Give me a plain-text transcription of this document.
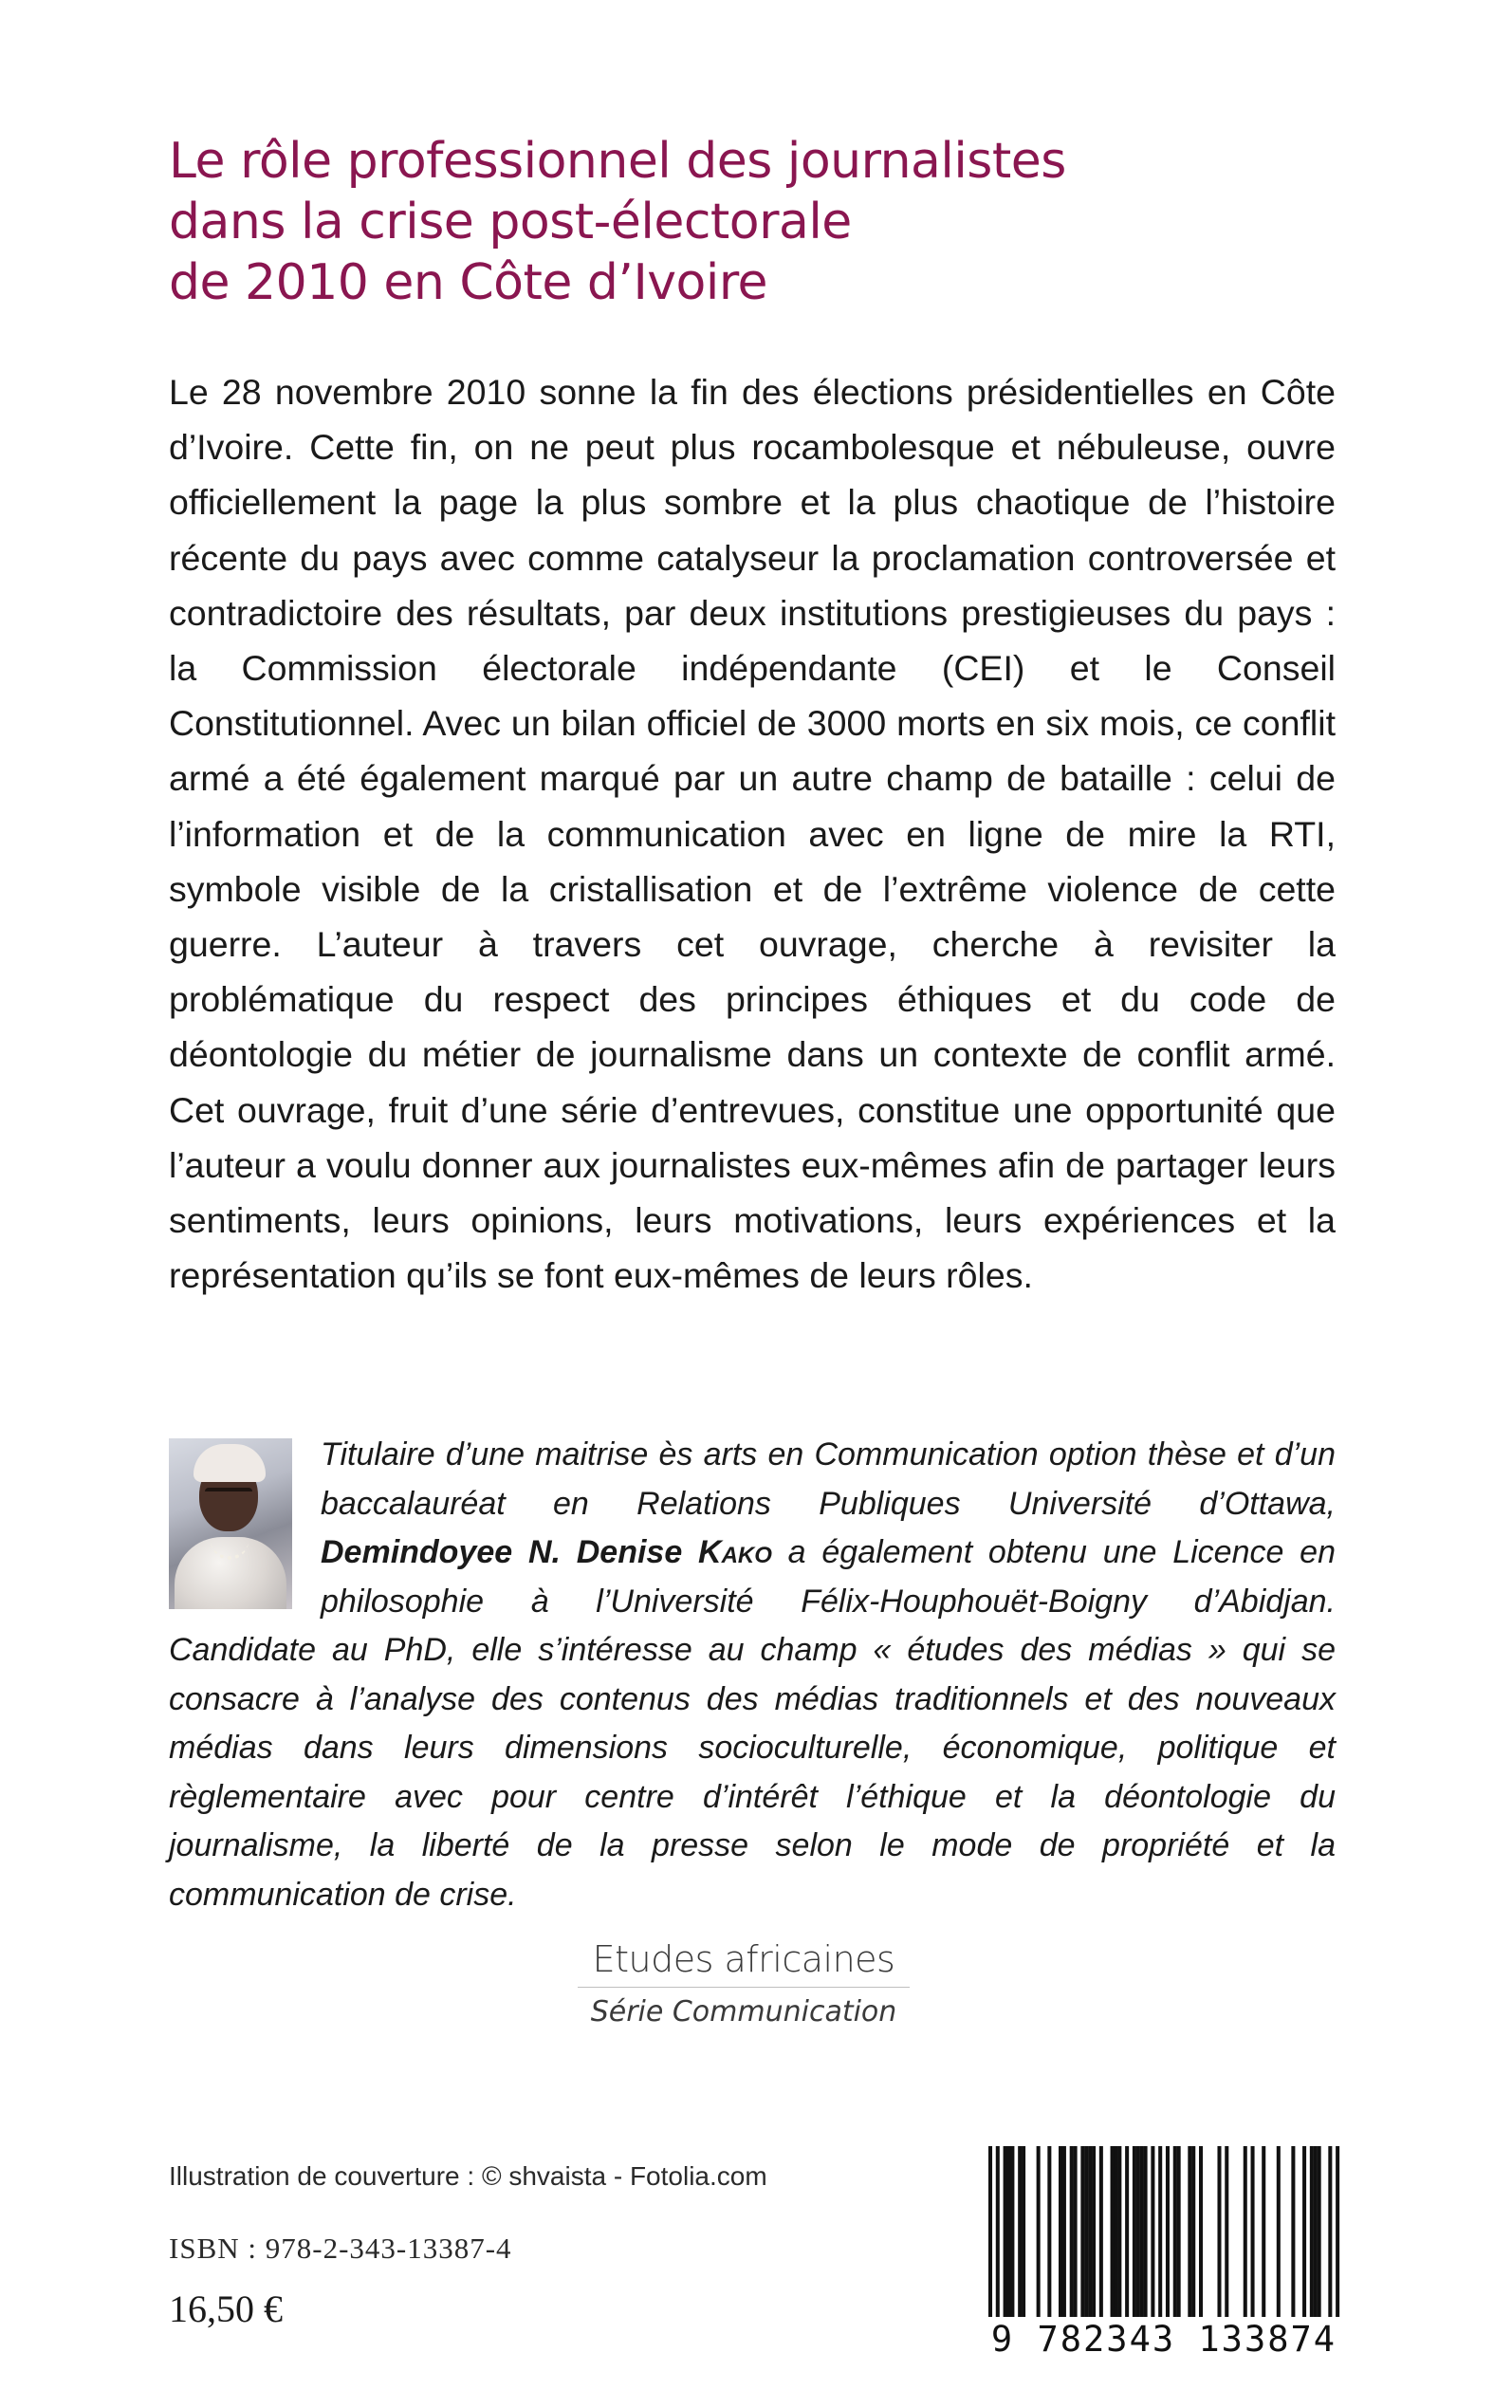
Le rôle professionnel des journalistes
dans la crise post-électorale
de 2010 en Côte d’Ivoire

Le 28 novembre 2010 sonne la fin des élections présidentielles en Côte d’Ivoire. Cette fin, on ne peut plus rocambolesque et nébuleuse, ouvre officiellement la page la plus sombre et la plus chaotique de l’histoire récente du pays avec comme catalyseur la proclamation controversée et contradictoire des résultats, par deux institutions prestigieuses du pays : la Commission électorale indépendante (CEI) et le Conseil Constitutionnel. Avec un bilan officiel de 3000 morts en six mois, ce conflit armé a été également marqué par un autre champ de bataille : celui de l’information et de la communication avec en ligne de mire la RTI, symbole visible de la cristallisation et de l’extrême violence de cette guerre. L’auteur à travers cet ouvrage, cherche à revisiter la problématique du respect des principes éthiques et du code de déontologie du métier de journalisme dans un contexte de conflit armé. Cet ouvrage, fruit d’une série d’entrevues, constitue une opportunité que l’auteur a voulu donner aux journalistes eux-mêmes afin de partager leurs sentiments, leurs opinions, leurs motivations, leurs expériences et la représentation qu’ils se font eux-mêmes de leurs rôles.

Titulaire d’une maitrise ès arts en Communication option thèse et d’un baccalauréat en Relations Publiques Université d’Ottawa, Demindoyee N. Denise Kako a également obtenu une Licence en philosophie à l’Université Félix-Houphouët-Boigny d’Abidjan. Candidate au PhD, elle s’intéresse au champ « études des médias » qui se consacre à l’analyse des contenus des médias traditionnels et des nouveaux médias dans leurs dimensions socioculturelle, économique, politique et règlementaire avec pour centre d’intérêt l’éthique et la déontologie du journalisme, la liberté de la presse selon le mode de propriété et la communication de crise.

Etudes africaines
Série Communication
Illustration de couverture : © shvaista - Fotolia.com
ISBN : 978-2-343-13387-4
16,50 €
9 782343 133874
